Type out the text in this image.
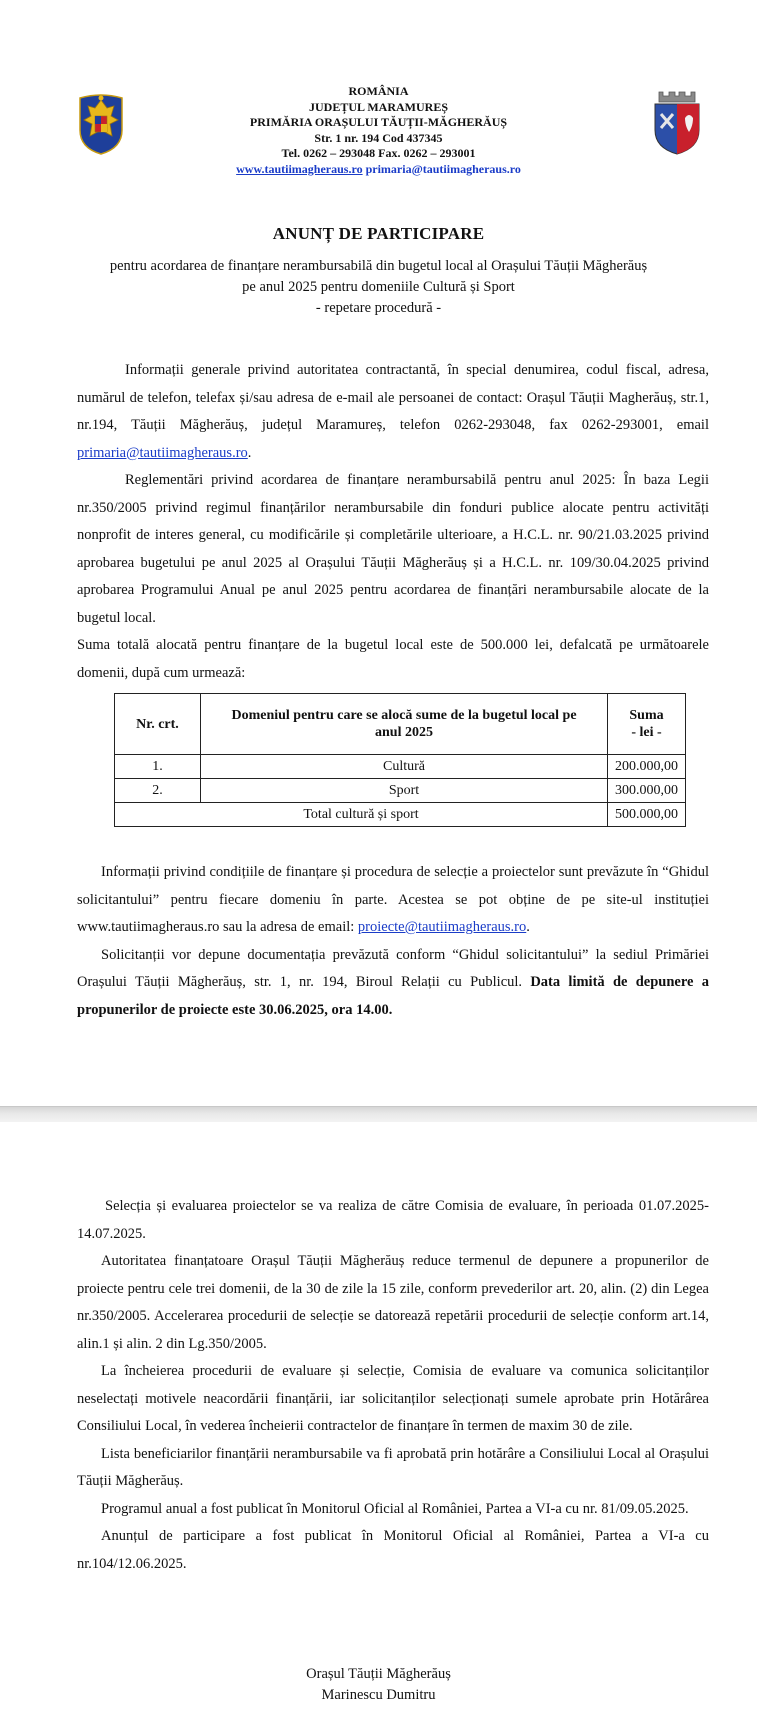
ROMÂNIA
JUDEȚUL MARAMUREȘ
PRIMĂRIA ORAȘULUI TĂUȚII-MĂGHERĂUȘ
Str. 1 nr. 194 Cod 437345
Tel. 0262 – 293048 Fax. 0262 – 293001
www.tautiimagheraus.ro primaria@tautiimagheraus.ro
ANUNȚ DE PARTICIPARE
pentru acordarea de finanțare nerambursabilă din bugetul local al Orașului Tăuții Măgherăuș
pe anul 2025 pentru domeniile Cultură și Sport
- repetare procedură -

Informații generale privind autoritatea contractantă, în special denumirea, codul fiscal, adresa, numărul de telefon, telefax și/sau adresa de e-mail ale persoanei de contact: Orașul Tăuții Magherăuș, str.1, nr.194, Tăuții Măgherăuș, județul Maramureș, telefon 0262-293048, fax 0262-293001, email primaria@tautiimagheraus.ro.

Reglementări privind acordarea de finanțare nerambursabilă pentru anul 2025: În baza Legii nr.350/2005 privind regimul finanțărilor nerambursabile din fonduri publice alocate pentru activități nonprofit de interes general, cu modificările și completările ulterioare, a H.C.L. nr. 90/21.03.2025 privind aprobarea bugetului pe anul 2025 al Orașului Tăuții Măgherăuș și a H.C.L. nr. 109/30.04.2025 privind aprobarea Programului Anual pe anul 2025 pentru acordarea de finanțări nerambursabile alocate de la bugetul local.

Suma totală alocată pentru finanțare de la bugetul local este de 500.000 lei, defalcată pe următoarele domenii, după cum urmează:

Nr. crt.	Domeniul pentru care se alocă sume de la bugetul local pe anul 2025	Suma
- lei -

1.	Cultură	200.000,00
2.	Sport	300.000,00
Total cultură și sport		500.000,00

Informații privind condițiile de finanțare și procedura de selecție a proiectelor sunt prevăzute în “Ghidul solicitantului” pentru fiecare domeniu în parte. Acestea se pot obține de pe site-ul instituției www.tautiimagheraus.ro sau la adresa de email: proiecte@tautiimagheraus.ro.

Solicitanții vor depune documentația prevăzută conform “Ghidul solicitantului” la sediul Primăriei Orașului Tăuții Măgherăuș, str. 1, nr. 194, Biroul Relații cu Publicul. Data limită de depunere a propunerilor de proiecte este 30.06.2025, ora 14.00.

Selecția și evaluarea proiectelor se va realiza de către Comisia de evaluare, în perioada 01.07.2025-14.07.2025.

Autoritatea finanțatoare Orașul Tăuții Măgherăuș reduce termenul de depunere a propunerilor de proiecte pentru cele trei domenii, de la 30 de zile la 15 zile, conform prevederilor art. 20, alin. (2) din Legea nr.350/2005. Accelerarea procedurii de selecție se datorează repetării procedurii de selecție conform art.14, alin.1 și alin. 2 din Lg.350/2005.

La încheierea procedurii de evaluare și selecție, Comisia de evaluare va comunica solicitanților neselectați motivele neacordării finanțării, iar solicitanților selecționați sumele aprobate prin Hotărârea Consiliului Local, în vederea încheierii contractelor de finanțare în termen de maxim 30 de zile.

Lista beneficiarilor finanțării nerambursabile va fi aprobată prin hotărâre a Consiliului Local al Orașului Tăuții Măgherăuș.

Programul anual a fost publicat în Monitorul Oficial al României, Partea a VI-a cu nr. 81/09.05.2025.

Anunțul de participare a fost publicat în Monitorul Oficial al României, Partea a VI-a cu nr.104/12.06.2025.

Orașul Tăuții Măgherăuș
Marinescu Dumitru
